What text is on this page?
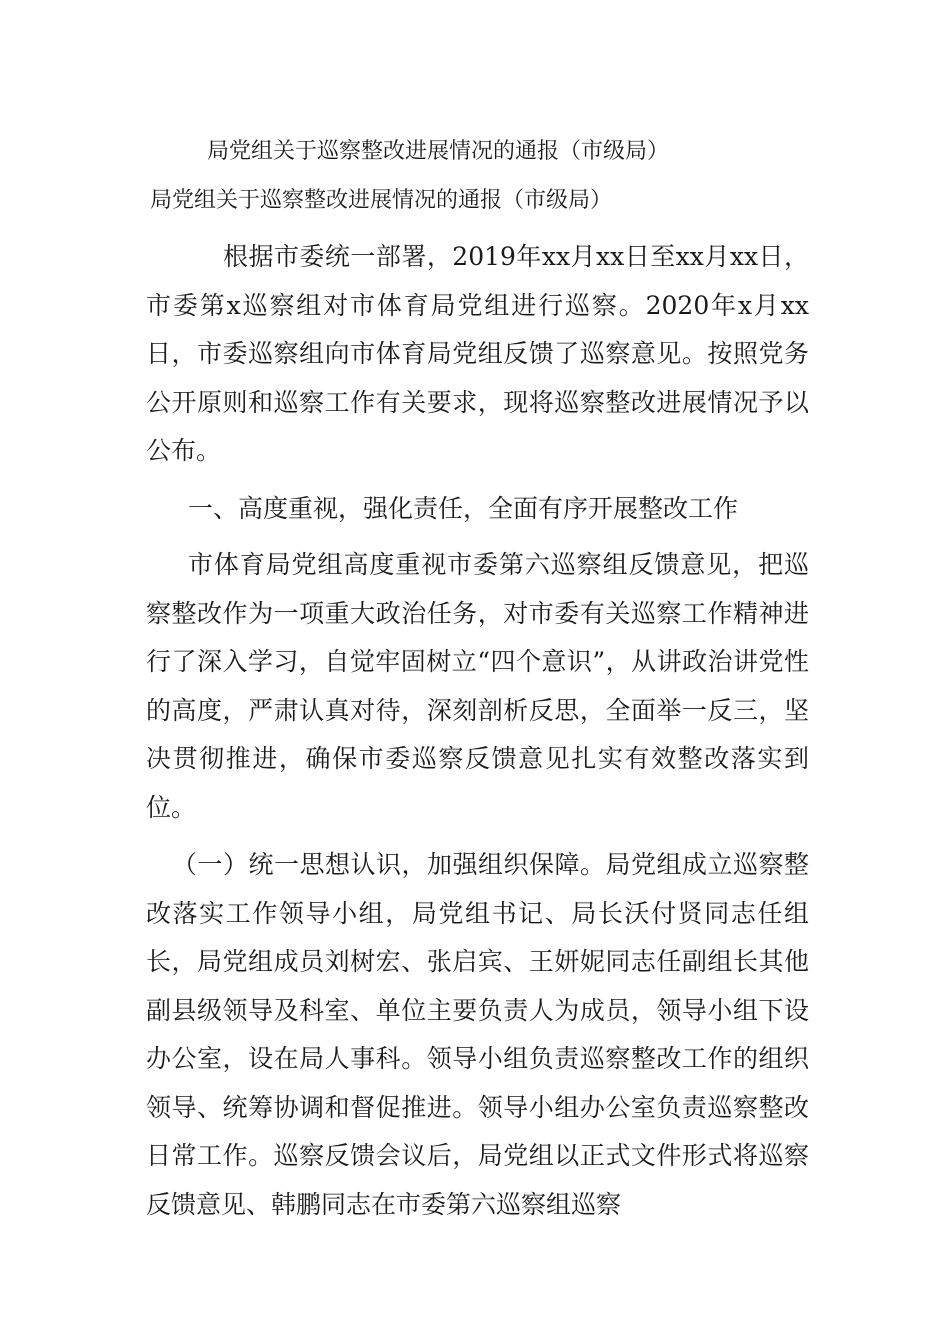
局党组关于巡察整改进展情况的通报（市级局）
局党组关于巡察整改进展情况的通报（市级局）

根据市委统一部署，2019年xx月xx日至xx月xx日，市委第x巡察组对市体育局党组进行巡察。2020年x月xx日，市委巡察组向市体育局党组反馈了巡察意见。按照党务公开原则和巡察工作有关要求，现将巡察整改进展情况予以公布。

一、高度重视，强化责任，全面有序开展整改工作

市体育局党组高度重视市委第六巡察组反馈意见，把巡察整改作为一项重大政治任务，对市委有关巡察工作精神进行了深入学习，自觉牢固树立“四个意识”，从讲政治讲党性的高度，严肃认真对待，深刻剖析反思，全面举一反三，坚决贯彻推进，确保市委巡察反馈意见扎实有效整改落实到位。

（一）统一思想认识，加强组织保障。局党组成立巡察整改落实工作领导小组，局党组书记、局长沃付贤同志任组长，局党组成员刘树宏、张启宾、王妍妮同志任副组长其他副县级领导及科室、单位主要负责人为成员，领导小组下设办公室，设在局人事科。领导小组负责巡察整改工作的组织领导、统筹协调和督促推进。领导小组办公室负责巡察整改日常工作。巡察反馈会议后，局党组以正式文件形式将巡察反馈意见、韩鹏同志在市委第六巡察组巡察
